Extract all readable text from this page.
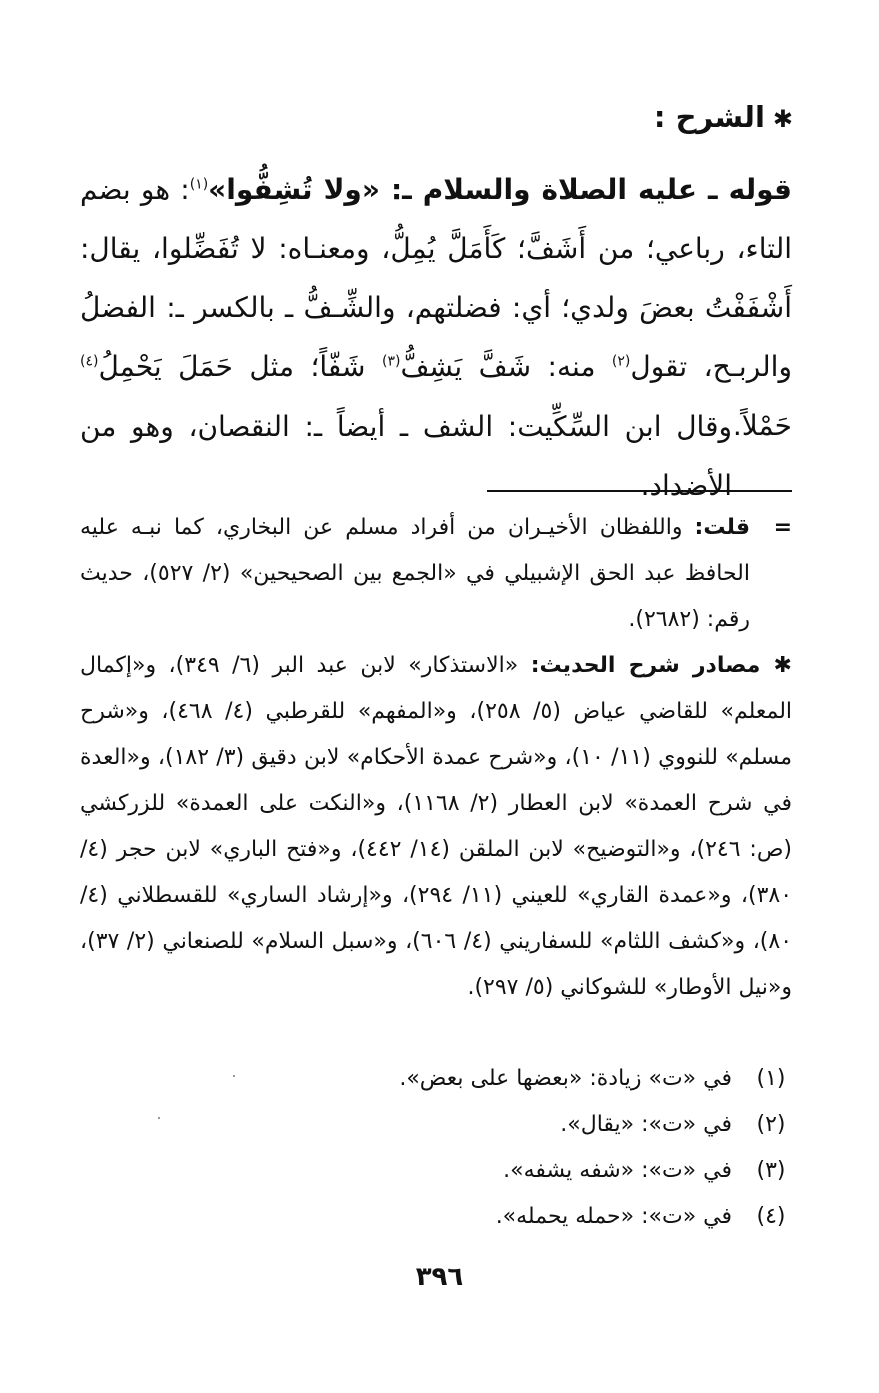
✱الشرح :
قوله ـ عليه الصلاة والسلام ـ: «ولا تُشِفُّوا»$^{(١)}$: هو بضم التاء، رباعي؛ من أَشَفَّ؛ كَأَمَلَّ يُمِلُّ، ومعنـاه: لا تُفَضِّلوا، يقال: أَشْفَفْتُ بعضَ ولدي؛ أي: فضلتهم، والشِّـفُّ ـ بالكسر ـ: الفضلُ والربـح، تقول$^{(٢)}$ منه: شَفَّ يَشِفُّ$^{(٣)}$ شَفّاً؛ مثل حَمَلَ يَحْمِلُ$^{(٤)}$ حَمْلاً.
وقال ابن السِّكِّيت: الشف ـ أيضاً ـ: النقصان، وهو من الأضداد.
=
قلت: واللفظان الأخيـران من أفراد مسلم عن البخاري، كما نبـه عليه الحافظ عبد الحق الإشبيلي في «الجمع بين الصحيحين» (٢/ ٥٢٧)، حديث رقم: (٢٦٨٢).
✱ مصادر شرح الحديث: «الاستذكار» لابن عبد البر (٦/ ٣٤٩)، و«إكمال المعلم» للقاضي عياض (٥/ ٢٥٨)، و«المفهم» للقرطبي (٤/ ٤٦٨)، و«شرح مسلم» للنووي (١١/ ١٠)، و«شرح عمدة الأحكام» لابن دقيق (٣/ ١٨٢)، و«العدة في شرح العمدة» لابن العطار (٢/ ١١٦٨)، و«النكت على العمدة» للزركشي (ص: ٢٤٦)، و«التوضيح» لابن الملقن (١٤/ ٤٤٢)، و«فتح الباري» لابن حجر (٤/ ٣٨٠)، و«عمدة القاري» للعيني (١١/ ٢٩٤)، و«إرشاد الساري» للقسطلاني (٤/ ٨٠)، و«كشف اللثام» للسفاريني (٤/ ٦٠٦)، و«سبل السلام» للصنعاني (٢/ ٣٧)، و«نيل الأوطار» للشوكاني (٥/ ٢٩٧).
(١)
في «ت» زيادة: «بعضها على بعض».
(٢)
في «ت»: «يقال».
(٣)
في «ت»: «شفه يشفه».
(٤)
في «ت»: «حمله يحمله».
٣٩٦
